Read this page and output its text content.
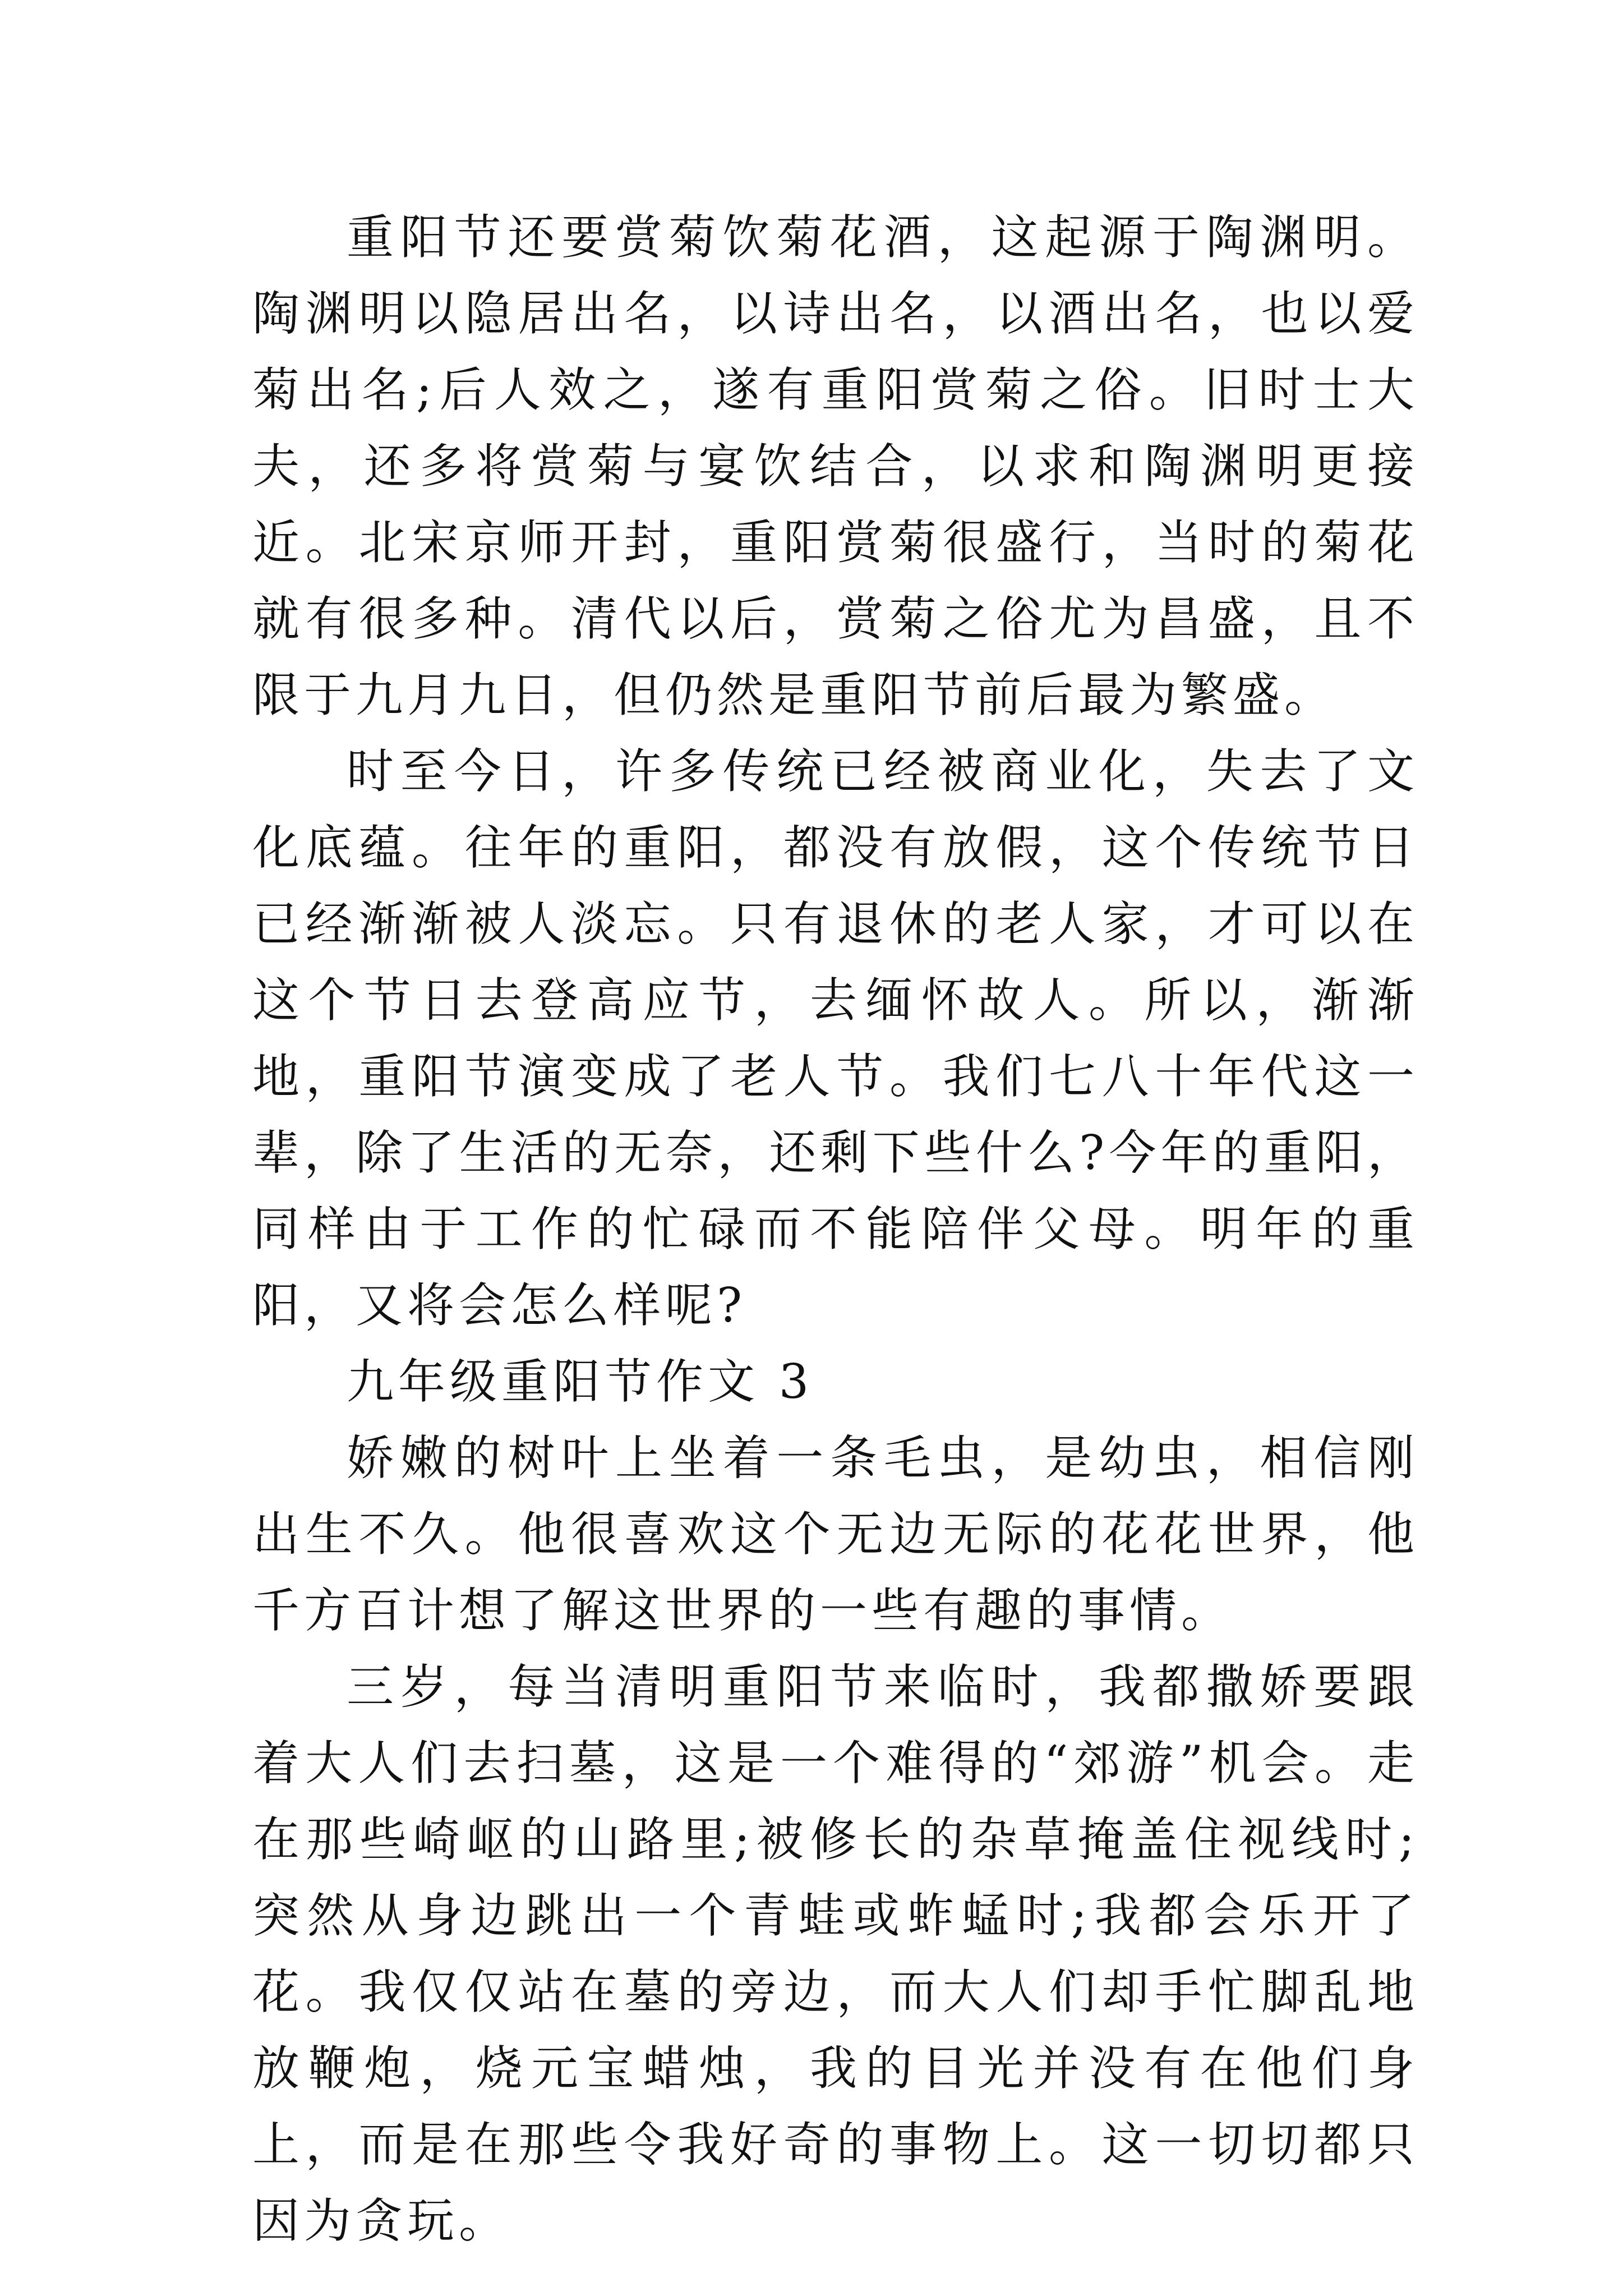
重阳节还要赏菊饮菊花酒，这起源于陶渊明。陶渊明以隐居出名，以诗出名，以酒出名，也以爱菊出名;后人效之，遂有重阳赏菊之俗。旧时士大夫，还多将赏菊与宴饮结合，以求和陶渊明更接近。北宋京师开封，重阳赏菊很盛行，当时的菊花就有很多种。清代以后，赏菊之俗尤为昌盛，且不限于九月九日，但仍然是重阳节前后最为繁盛。

时至今日，许多传统已经被商业化，失去了文化底蕴。往年的重阳，都没有放假，这个传统节日已经渐渐被人淡忘。只有退休的老人家，才可以在这个节日去登高应节，去缅怀故人。所以，渐渐地，重阳节演变成了老人节。我们七八十年代这一辈，除了生活的无奈，还剩下些什么?今年的重阳，同样由于工作的忙碌而不能陪伴父母。明年的重阳，又将会怎么样呢?

九年级重阳节作文 3

娇嫩的树叶上坐着一条毛虫，是幼虫，相信刚出生不久。他很喜欢这个无边无际的花花世界，他千方百计想了解这世界的一些有趣的事情。

三岁，每当清明重阳节来临时，我都撒娇要跟着大人们去扫墓，这是一个难得的“郊游”机会。走在那些崎岖的山路里;被修长的杂草掩盖住视线时;突然从身边跳出一个青蛙或蚱蜢时;我都会乐开了花。我仅仅站在墓的旁边，而大人们却手忙脚乱地放鞭炮，烧元宝蜡烛，我的目光并没有在他们身上，而是在那些令我好奇的事物上。这一切切都只因为贪玩。
